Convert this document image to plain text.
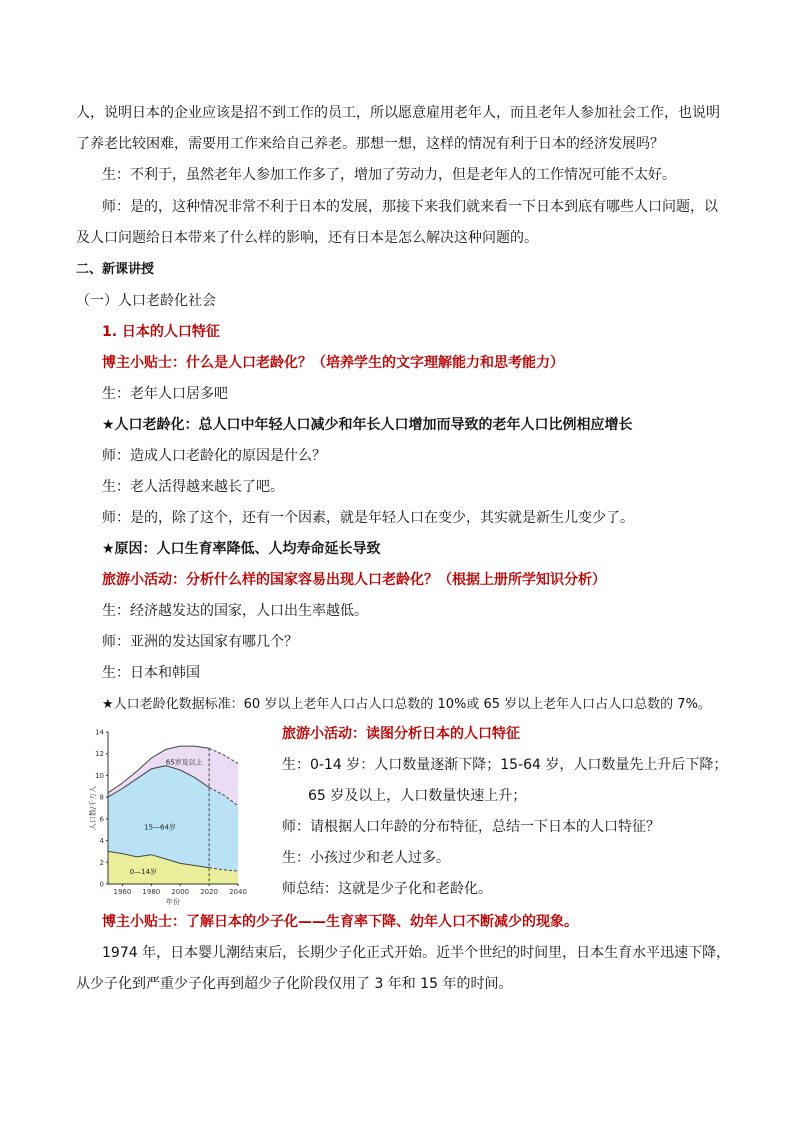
人，说明日本的企业应该是招不到工作的员工，所以愿意雇用老年人，而且老年人参加社会工作，也说明
了养老比较困难，需要用工作来给自己养老。那想一想，这样的情况有利于日本的经济发展吗？
生：不利于，虽然老年人参加工作多了，增加了劳动力，但是老年人的工作情况可能不太好。
师：是的，这种情况非常不利于日本的发展，那接下来我们就来看一下日本到底有哪些人口问题，以
及人口问题给日本带来了什么样的影响，还有日本是怎么解决这种问题的。
二、新课讲授
（一）人口老龄化社会
1. 日本的人口特征
博主小贴士：什么是人口老龄化？（培养学生的文字理解能力和思考能力）
生：老年人口居多吧
★人口老龄化：总人口中年轻人口减少和年长人口增加而导致的老年人口比例相应增长
师：造成人口老龄化的原因是什么？
生：老人活得越来越长了吧。
师：是的，除了这个，还有一个因素，就是年轻人口在变少，其实就是新生儿变少了。
★原因：人口生育率降低、人均寿命延长导致
旅游小活动：分析什么样的国家容易出现人口老龄化？（根据上册所学知识分析）
生：经济越发达的国家，人口出生率越低。
师：亚洲的发达国家有哪几个？
生：日本和韩国
★人口老龄化数据标准：60 岁以上老年人口占人口总数的 10%或 65 岁以上老年人口占人口总数的 7%。
0
2
4
6
8
10
12
14
1960 1980 2000 2020 2040
年份
人口数/千万人
0—14岁
15—64岁
65岁及以上
旅游小活动：读图分析日本的人口特征
生：0-14 岁：人口数量逐渐下降；15-64 岁，人口数量先上升后下降；
65 岁及以上，人口数量快速上升；
师：请根据人口年龄的分布特征，总结一下日本的人口特征？
生：小孩过少和老人过多。
师总结：这就是少子化和老龄化。
博主小贴士：了解日本的少子化——生育率下降、幼年人口不断减少的现象。
1974 年，日本婴儿潮结束后，长期少子化正式开始。近半个世纪的时间里，日本生育水平迅速下降，
从少子化到严重少子化再到超少子化阶段仅用了 3 年和 15 年的时间。
